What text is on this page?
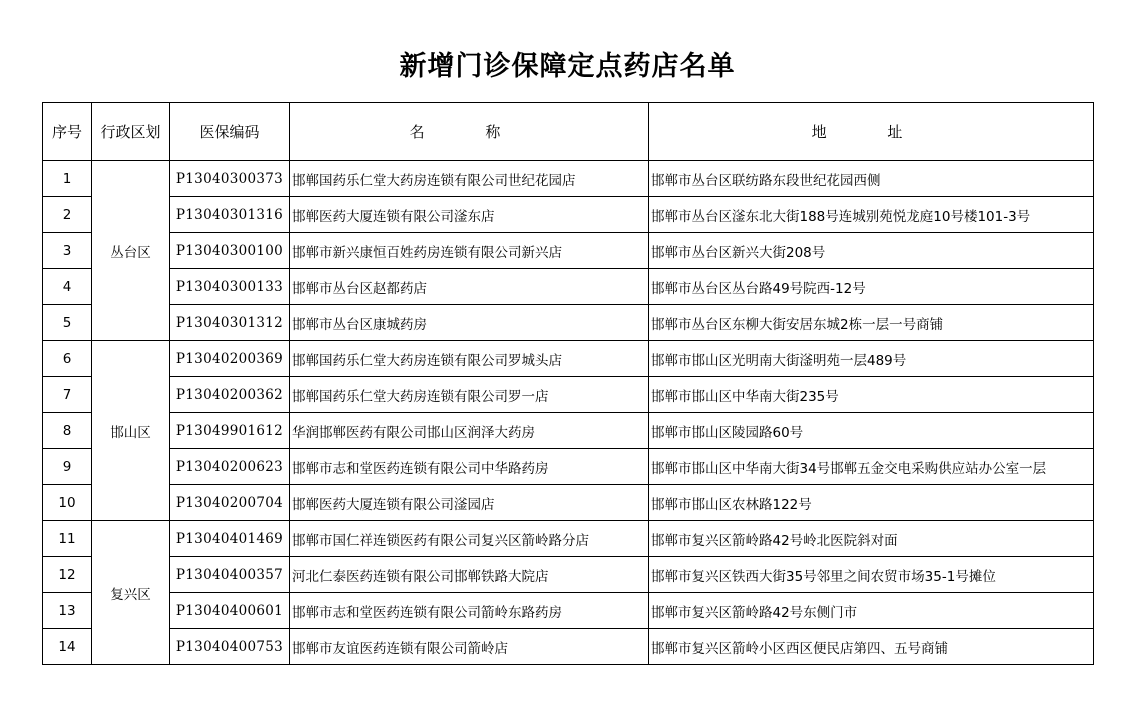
新增门诊保障定点药店名单
序号	行政区划	医保编码	名 称	地 址
1	丛台区	P13040300373	邯郸国药乐仁堂大药房连锁有限公司世纪花园店	邯郸市丛台区联纺路东段世纪花园西侧
2		P13040301316	邯郸医药大厦连锁有限公司滏东店	邯郸市丛台区滏东北大街188号连城别苑悦龙庭10号楼101-3号
3		P13040300100	邯郸市新兴康恒百姓药房连锁有限公司新兴店	邯郸市丛台区新兴大街208号
4		P13040300133	邯郸市丛台区赵都药店	邯郸市丛台区丛台路49号院西-12号
5		P13040301312	邯郸市丛台区康城药房	邯郸市丛台区东柳大街安居东城2栋一层一号商铺
6	邯山区	P13040200369	邯郸国药乐仁堂大药房连锁有限公司罗城头店	邯郸市邯山区光明南大街滏明苑一层489号
7		P13040200362	邯郸国药乐仁堂大药房连锁有限公司罗一店	邯郸市邯山区中华南大街235号
8		P13049901612	华润邯郸医药有限公司邯山区润泽大药房	邯郸市邯山区陵园路60号
9		P13040200623	邯郸市志和堂医药连锁有限公司中华路药房	邯郸市邯山区中华南大街34号邯郸五金交电采购供应站办公室一层
10		P13040200704	邯郸医药大厦连锁有限公司滏园店	邯郸市邯山区农林路122号
11	复兴区	P13040401469	邯郸市国仁祥连锁医药有限公司复兴区箭岭路分店	邯郸市复兴区箭岭路42号岭北医院斜对面
12		P13040400357	河北仁泰医药连锁有限公司邯郸铁路大院店	邯郸市复兴区铁西大街35号邻里之间农贸市场35-1号摊位
13		P13040400601	邯郸市志和堂医药连锁有限公司箭岭东路药房	邯郸市复兴区箭岭路42号东侧门市
14		P13040400753	邯郸市友谊医药连锁有限公司箭岭店	邯郸市复兴区箭岭小区西区便民店第四、五号商铺
